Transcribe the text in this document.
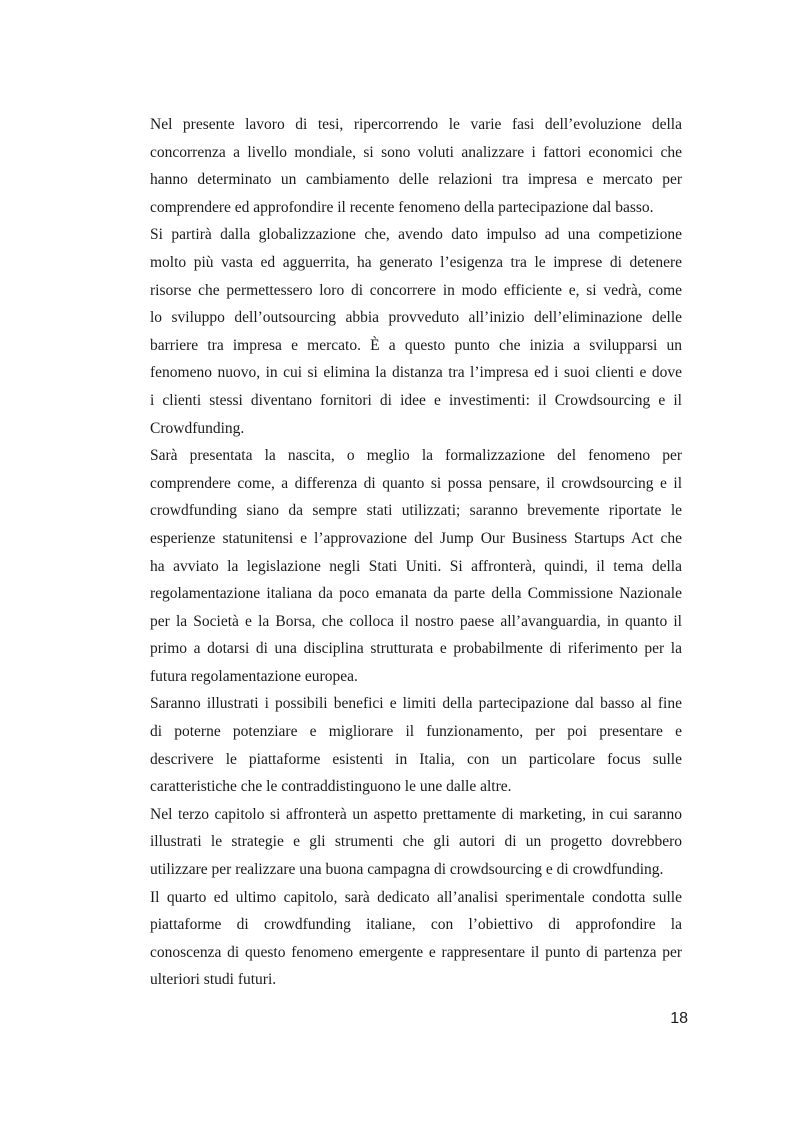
Nel presente lavoro di tesi, ripercorrendo le varie fasi dell’evoluzione della
concorrenza a livello mondiale, si sono voluti analizzare i fattori economici che
hanno determinato un cambiamento delle relazioni tra impresa e mercato per
comprendere ed approfondire il recente fenomeno della partecipazione dal basso.
Si partirà dalla globalizzazione che, avendo dato impulso ad una competizione
molto più vasta ed agguerrita, ha generato l’esigenza tra le imprese di detenere
risorse che permettessero loro di concorrere in modo efficiente e, si vedrà, come
lo sviluppo dell’outsourcing abbia provveduto all’inizio dell’eliminazione delle
barriere tra impresa e mercato. È a questo punto che inizia a svilupparsi un
fenomeno nuovo, in cui si elimina la distanza tra l’impresa ed i suoi clienti e dove
i clienti stessi diventano fornitori di idee e investimenti: il Crowdsourcing e il
Crowdfunding.
Sarà presentata la nascita, o meglio la formalizzazione del fenomeno per
comprendere come, a differenza di quanto si possa pensare, il crowdsourcing e il
crowdfunding siano da sempre stati utilizzati; saranno brevemente riportate le
esperienze statunitensi e l’approvazione del Jump Our Business Startups Act che
ha avviato la legislazione negli Stati Uniti. Si affronterà, quindi, il tema della
regolamentazione italiana da poco emanata da parte della Commissione Nazionale
per la Società e la Borsa, che colloca il nostro paese all’avanguardia, in quanto il
primo a dotarsi di una disciplina strutturata e probabilmente di riferimento per la
futura regolamentazione europea.
Saranno illustrati i possibili benefici e limiti della partecipazione dal basso al fine
di poterne potenziare e migliorare il funzionamento, per poi presentare e
descrivere le piattaforme esistenti in Italia, con un particolare focus sulle
caratteristiche che le contraddistinguono le une dalle altre.
Nel terzo capitolo si affronterà un aspetto prettamente di marketing, in cui saranno
illustrati le strategie e gli strumenti che gli autori di un progetto dovrebbero
utilizzare per realizzare una buona campagna di crowdsourcing e di crowdfunding.
Il quarto ed ultimo capitolo, sarà dedicato all’analisi sperimentale condotta sulle
piattaforme di crowdfunding italiane, con l’obiettivo di approfondire la
conoscenza di questo fenomeno emergente e rappresentare il punto di partenza per
ulteriori studi futuri.
18
